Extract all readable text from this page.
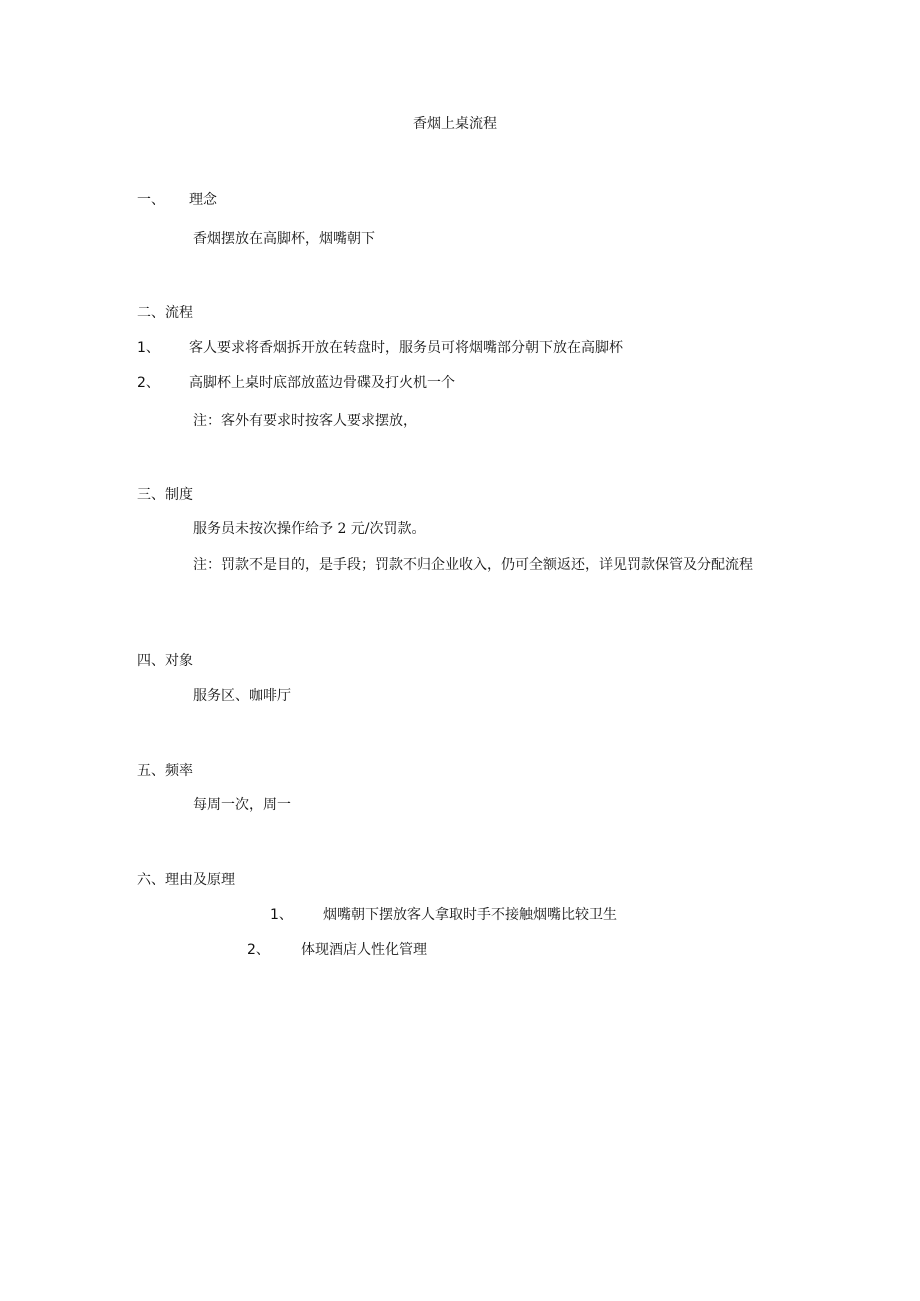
香烟上桌流程
一、 理念
香烟摆放在高脚杯，烟嘴朝下
二、流程
1、 客人要求将香烟拆开放在转盘时，服务员可将烟嘴部分朝下放在高脚杯
2、 高脚杯上桌时底部放蓝边骨碟及打火机一个
注：客外有要求时按客人要求摆放，
三、制度
服务员未按次操作给予 2 元/次罚款。
注：罚款不是目的，是手段；罚款不归企业收入，仍可全额返还，详见罚款保管及分配流程
四、对象
服务区、咖啡厅
五、频率
每周一次，周一
六、理由及原理
1、 烟嘴朝下摆放客人拿取时手不接触烟嘴比较卫生
2、 体现酒店人性化管理
